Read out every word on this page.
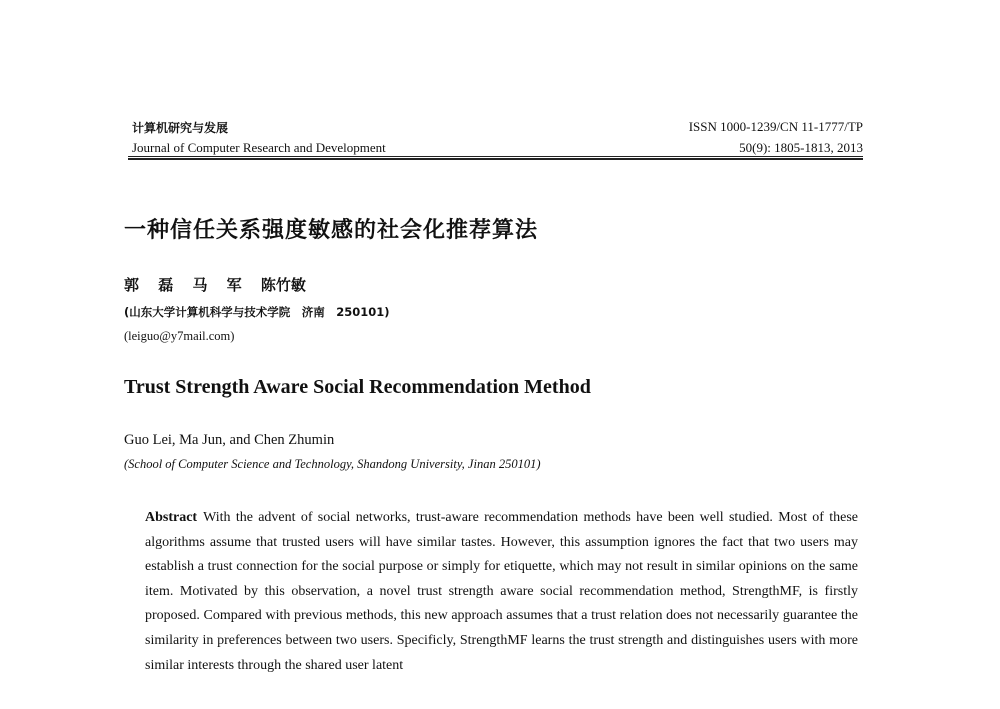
计算机研究与发展
Journal of Computer Research and Development
ISSN 1000-1239/CN 11-1777/TP
50(9): 1805-1813, 2013
一种信任关系强度敏感的社会化推荐算法
郭 磊 马 军 陈竹敏
(山东大学计算机科学与技术学院　济南　250101)
(leiguo@y7mail.com)
Trust Strength Aware Social Recommendation Method
Guo Lei, Ma Jun, and Chen Zhumin
(School of Computer Science and Technology, Shandong University, Jinan 250101)
Abstract With the advent of social networks, trust-aware recommendation methods have been well studied. Most of these algorithms assume that trusted users will have similar tastes. However, this assumption ignores the fact that two users may establish a trust connection for the social purpose or simply for etiquette, which may not result in similar opinions on the same item. Motivated by this observation, a novel trust strength aware social recommendation method, StrengthMF, is firstly proposed. Compared with previous methods, this new approach assumes that a trust relation does not necessarily guarantee the similarity in preferences between two users. Specificly, StrengthMF learns the trust strength and distinguishes users with more similar interests through the shared user latent
